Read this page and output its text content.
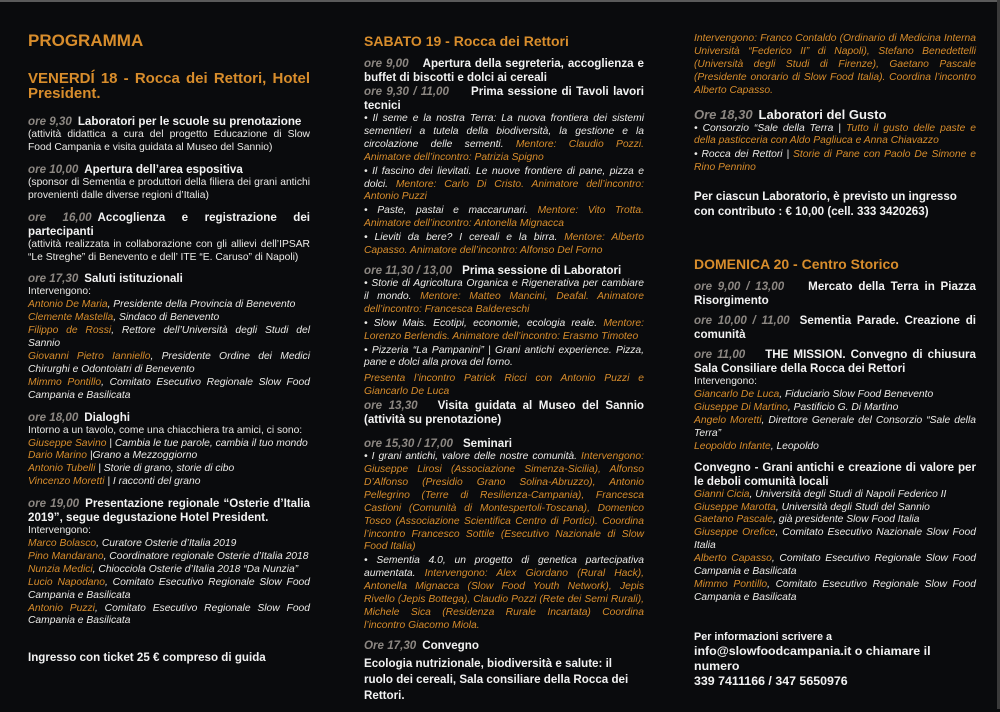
PROGRAMMA
VENERDÍ 18 - Rocca dei Rettori, Hotel President.
ore 9,30 Laboratori per le scuole su prenotazione
(attività didattica a cura del progetto Educazione di Slow Food Campania e visita guidata al Museo del Sannio)
ore 10,00 Apertura dell’area espositiva
(sponsor di Sementia e produttori della filiera dei grani antichi provenienti dalle diverse regioni d’Italia)
ore 16,00 Accoglienza e registrazione dei partecipanti
(attività realizzata in collaborazione con gli allievi dell’IPSAR “Le Streghe” di Benevento e dell’ ITE “E. Caruso” di Napoli)
ore 17,30 Saluti istituzionali
Intervengono:
Antonio De Maria, Presidente della Provincia di Benevento
Clemente Mastella, Sindaco di Benevento
Filippo de Rossi, Rettore dell’Università degli Studi del Sannio
Giovanni Pietro Ianniello, Presidente Ordine dei Medici Chirurghi e Odontoiatri di Benevento
Mimmo Pontillo, Comitato Esecutivo Regionale Slow Food Campania e Basilicata
ore 18,00 Dialoghi
Intorno a un tavolo, come una chiacchiera tra amici, ci sono:
Giuseppe Savino | Cambia le tue parole, cambia il tuo mondo
Dario Marino |Grano a Mezzoggiorno
Antonio Tubelli | Storie di grano, storie di cibo
Vincenzo Moretti | I racconti del grano
ore 19,00 Presentazione regionale “Osterie d’Italia 2019”, segue degustazione Hotel President.
Intervengono:
Marco Bolasco, Curatore Osterie d’Italia 2019
Pino Mandarano, Coordinatore regionale Osterie d’Italia 2018
Nunzia Medici, Chiocciola Osterie d’Italia 2018 “Da Nunzia”
Lucio Napodano, Comitato Esecutivo Regionale Slow Food Campania e Basilicata
Antonio Puzzi, Comitato Esecutivo Regionale Slow Food Campania e Basilicata
Ingresso con ticket 25 € compreso di guida
SABATO 19 - Rocca dei Rettori
ore 9,00 Apertura della segreteria, accoglienza e buffet di biscotti e dolci ai cereali
ore 9,30 / 11,00 Prima sessione di Tavoli lavori tecnici
• Il seme e la nostra Terra: La nuova frontiera dei sistemi sementieri a tutela della biodiversità, la gestione e la circolazione delle sementi. Mentore: Claudio Pozzi. Animatore dell’incontro: Patrizia Spigno
• Il fascino dei lievitati. Le nuove frontiere di pane, pizza e dolci. Mentore: Carlo Di Cristo. Animatore dell’incontro: Antonio Puzzi
• Paste, pastai e maccarunari. Mentore: Vito Trotta. Animatore dell’incontro: Antonella Mignacca
• Lieviti da bere? I cereali e la birra. Mentore: Alberto Capasso. Animatore dell’incontro: Alfonso Del Forno
ore 11,30 / 13,00 Prima sessione di Laboratori
• Storie di Agricoltura Organica e Rigenerativa per cambiare il mondo. Mentore: Matteo Mancini, Deafal. Animatore dell’incontro: Francesca Baldereschi
• Slow Mais. Ecotipi, economie, ecologia reale. Mentore: Lorenzo Berlendis. Animatore dell’incontro: Erasmo Timoteo
• Pizzeria “La Pampanini” | Grani antichi experience. Pizza, pane e dolci alla prova del forno.
Presenta l’incontro Patrick Ricci con Antonio Puzzi e Giancarlo De Luca
ore 13,30 Visita guidata al Museo del Sannio (attività su prenotazione)
ore 15,30 / 17,00 Seminari
• I grani antichi, valore delle nostre comunità. Intervengono: Giuseppe Lirosi (Associazione Simenza-Sicilia), Alfonso D’Alfonso (Presidio Grano Solina-Abruzzo), Antonio Pellegrino (Terre di Resilienza-Campania), Francesca Castioni (Comunità di Montespertoli-Toscana), Domenico Tosco (Associazione Scientifica Centro di Portici). Coordina l’incontro Francesco Sottile (Esecutivo Nazionale di Slow Food Italia)
• Sementia 4.0, un progetto di genetica partecipativa aumentata. Intervengono: Alex Giordano (Rural Hack), Antonella Mignacca (Slow Food Youth Network), Jepis Rivello (Jepis Bottega), Claudio Pozzi (Rete dei Semi Rurali), Michele Sica (Residenza Rurale Incartata) Coordina l’incontro Giacomo Miola.
Ore 17,30 Convegno
Ecologia nutrizionale, biodiversità e salute: il ruolo dei cereali, Sala consiliare della Rocca dei Rettori.
Intervengono: Franco Contaldo (Ordinario di Medicina Interna Università “Federico II” di Napoli), Stefano Benedettelli (Università degli Studi di Firenze), Gaetano Pascale (Presidente onorario di Slow Food Italia). Coordina l’incontro Alberto Capasso.
Ore 18,30 Laboratori del Gusto
• Consorzio “Sale della Terra | Tutto il gusto delle paste e della pasticceria con Aldo Pagliuca e Anna Chiavazzo
• Rocca dei Rettori | Storie di Pane con Paolo De Simone e Rino Pennino
Per ciascun Laboratorio, è previsto un ingresso con contributo : € 10,00 (cell. 333 3420263)
DOMENICA 20 - Centro Storico
ore 9,00 / 13,00 Mercato della Terra in Piazza Risorgimento
ore 10,00 / 11,00 Sementia Parade. Creazione di comunità
ore 11,00 THE MISSION. Convegno di chiusura Sala Consiliare della Rocca dei Rettori
Intervengono:
Giancarlo De Luca, Fiduciario Slow Food Benevento
Giuseppe Di Martino, Pastificio G. Di Martino
Angelo Moretti, Direttore Generale del Consorzio “Sale della Terra”
Leopoldo Infante, Leopoldo
Convegno - Grani antichi e creazione di valore per le deboli comunità locali
Gianni Cicia, Università degli Studi di Napoli Federico II
Giuseppe Marotta, Università degli Studi del Sannio
Gaetano Pascale, già presidente Slow Food Italia
Giuseppe Orefice, Comitato Esecutivo Nazionale Slow Food Italia
Alberto Capasso, Comitato Esecutivo Regionale Slow Food Campania e Basilicata
Mimmo Pontillo, Comitato Esecutivo Regionale Slow Food Campania e Basilicata
Per informazioni scrivere a
info@slowfoodcampania.it o chiamare il numero
339 7411166 / 347 5650976
